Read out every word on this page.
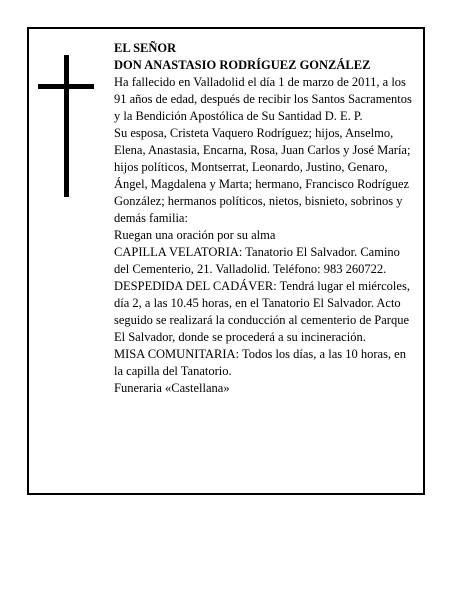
EL SEÑOR

DON ANASTASIO RODRÍGUEZ GONZÁLEZ

Ha fallecido en Valladolid el día 1 de marzo de 2011, a los 91 años de edad, después de recibir los Santos Sacramentos y la Bendición Apostólica de Su Santidad D. E. P.

Su esposa, Cristeta Vaquero Rodríguez; hijos, Anselmo, Elena, Anastasia, Encarna, Rosa, Juan Carlos y José María; hijos políticos, Montserrat, Leonardo, Justino, Genaro, Ángel, Magdalena y Marta; hermano, Francisco Rodríguez González; hermanos políticos, nietos, bisnieto, sobrinos y demás familia:

Ruegan una oración por su alma

CAPILLA VELATORIA: Tanatorio El Salvador. Camino del Cementerio, 21. Valladolid. Teléfono: 983 260722.

DESPEDIDA DEL CADÁVER: Tendrá lugar el miércoles, día 2, a las 10.45 horas, en el Tanatorio El Salvador. Acto seguido se realizará la conducción al cementerio de Parque El Salvador, donde se procederá a su incineración.

MISA COMUNITARIA: Todos los días, a las 10 horas, en la capilla del Tanatorio.

Funeraria «Castellana»
